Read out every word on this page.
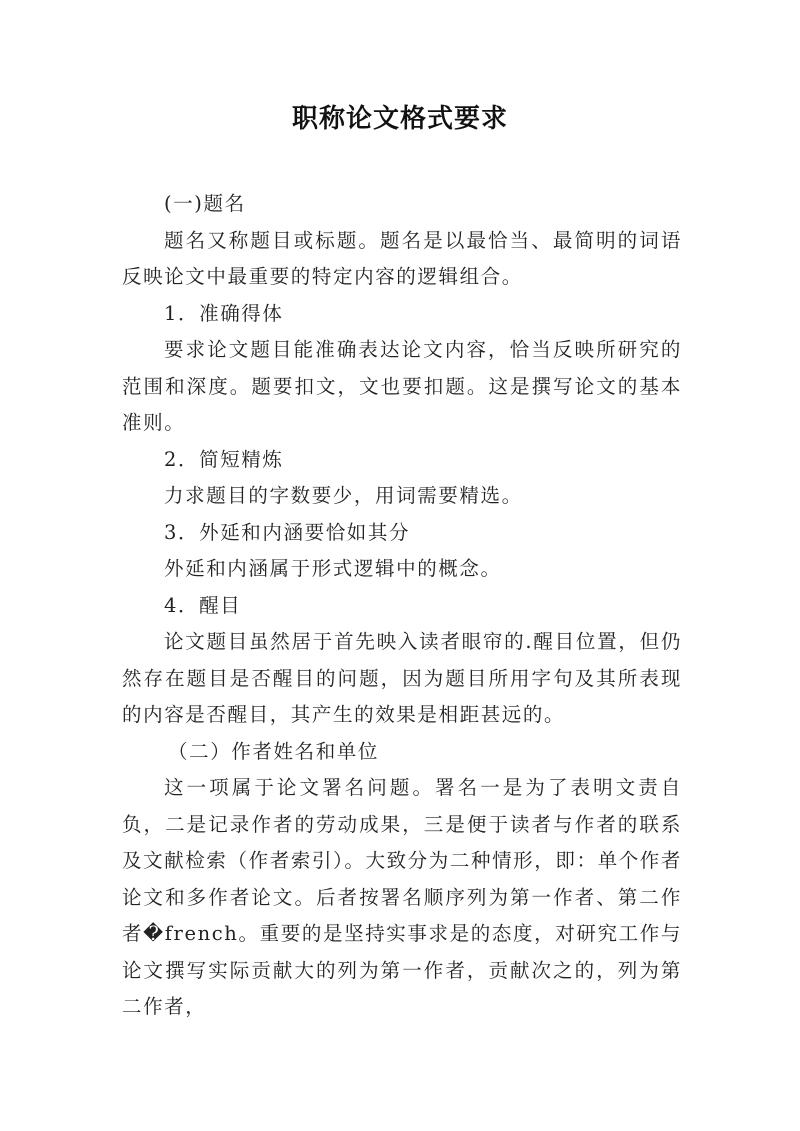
职称论文格式要求

(一)题名

题名又称题目或标题。题名是以最恰当、最简明的词语反映论文中最重要的特定内容的逻辑组合。

1．准确得体

要求论文题目能准确表达论文内容，恰当反映所研究的范围和深度。题要扣文，文也要扣题。这是撰写论文的基本准则。

2．简短精炼

力求题目的字数要少，用词需要精选。

3．外延和内涵要恰如其分

外延和内涵属于形式逻辑中的概念。

4．醒目

论文题目虽然居于首先映入读者眼帘的.醒目位置，但仍然存在题目是否醒目的问题，因为题目所用字句及其所表现的内容是否醒目，其产生的效果是相距甚远的。

（二）作者姓名和单位

这一项属于论文署名问题。署名一是为了表明文责自负，二是记录作者的劳动成果，三是便于读者与作者的联系及文献检索（作者索引）。大致分为二种情形，即：单个作者论文和多作者论文。后者按署名顺序列为第一作者、第二作者�french。重要的是坚持实事求是的态度，对研究工作与论文撰写实际贡献大的列为第一作者，贡献次之的，列为第二作者，
